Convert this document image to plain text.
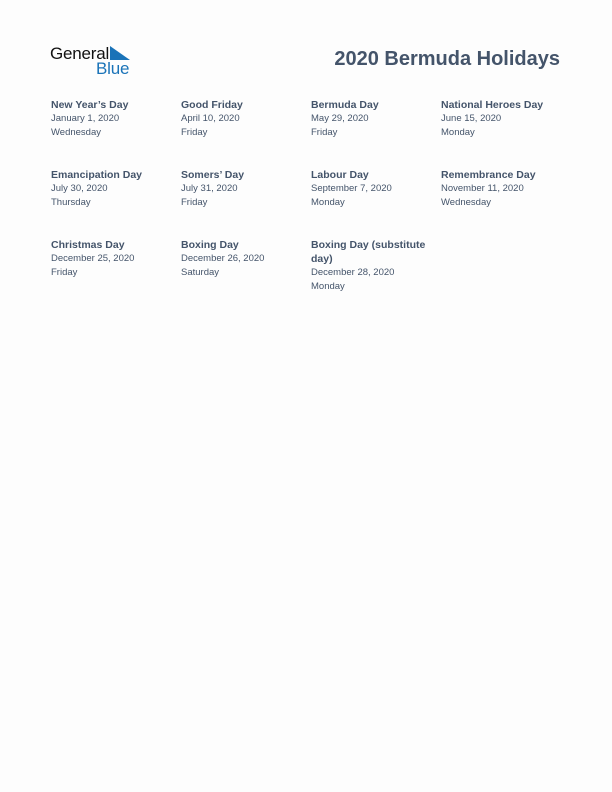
General
Blue	2020 Bermuda Holidays
New Year’s Day
January 1, 2020
Wednesday
Good Friday
April 10, 2020
Friday
Bermuda Day
May 29, 2020
Friday
National Heroes Day
June 15, 2020
Monday
Emancipation Day
July 30, 2020
Thursday
Somers’ Day
July 31, 2020
Friday
Labour Day
September 7, 2020
Monday
Remembrance Day
November 11, 2020
Wednesday
Christmas Day
December 25, 2020
Friday
Boxing Day
December 26, 2020
Saturday
Boxing Day (substitute day)
December 28, 2020
Monday
